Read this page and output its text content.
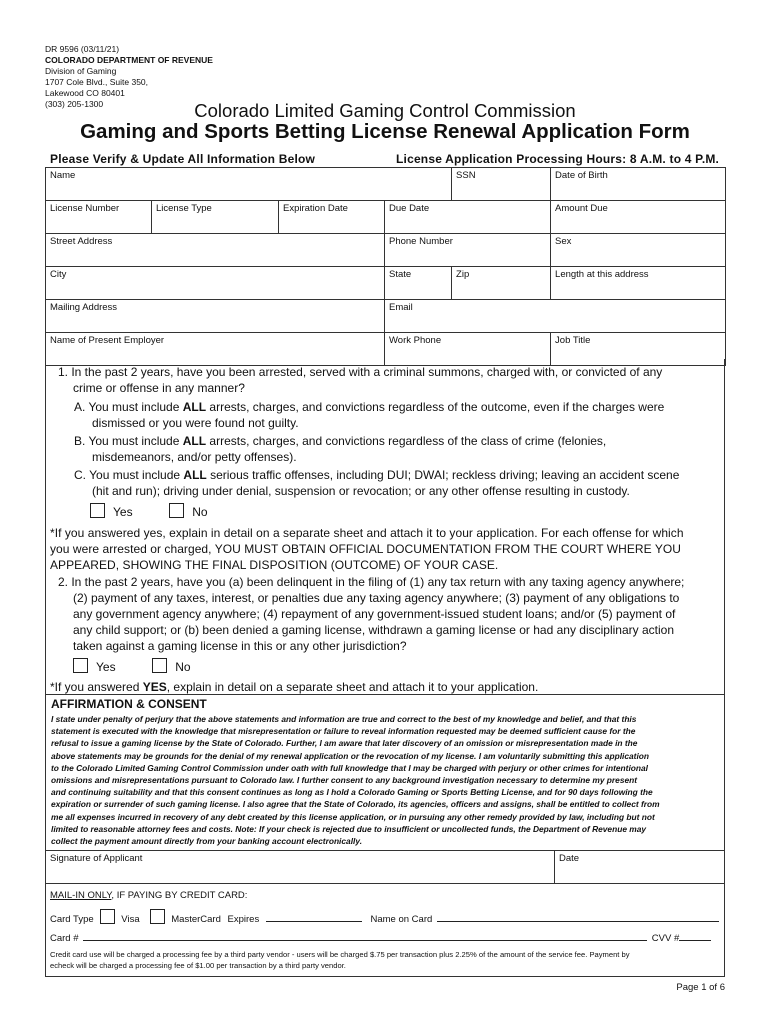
DR 9596 (03/11/21)
COLORADO DEPARTMENT OF REVENUE
Division of Gaming
1707 Cole Blvd., Suite 350,
Lakewood CO 80401
(303) 205-1300	Colorado Limited Gaming Control Commission
Gaming and Sports Betting License Renewal Application Form
Please Verify & Update All Information Below	License Application Processing Hours: 8 A.M. to 4 P.M.
Name				SSN	Date of Birth
License Number	License Type	Expiration Date	Due Date		Amount Due
Street Address			Phone Number		Sex
City			State	Zip	Length at this address
Mailing Address			Email		
Name of Present Employer			Work Phone		Job Title
1. In the past 2 years, have you been arrested, served with a criminal summons, charged with, or convicted of any
crime or offense in any manner?
A. You must include ALL arrests, charges, and convictions regardless of the outcome, even if the charges were
dismissed or you were found not guilty.
B. You must include ALL arrests, charges, and convictions regardless of the class of crime (felonies,
misdemeanors, and/or petty offenses).
C. You must include ALL serious traffic offenses, including DUI; DWAI; reckless driving; leaving an accident scene
(hit and run); driving under denial, suspension or revocation; or any other offense resulting in custody.
Yes	No
*If you answered yes, explain in detail on a separate sheet and attach it to your application. For each offense for which
you were arrested or charged, YOU MUST OBTAIN OFFICIAL DOCUMENTATION FROM THE COURT WHERE YOU
APPEARED, SHOWING THE FINAL DISPOSITION (OUTCOME) OF YOUR CASE.
2. In the past 2 years, have you (a) been delinquent in the filing of (1) any tax return with any taxing agency anywhere;
(2) payment of any taxes, interest, or penalties due any taxing agency anywhere; (3) payment of any obligations to
any government agency anywhere; (4) repayment of any government-issued student loans; and/or (5) payment of
any child support; or (b) been denied a gaming license, withdrawn a gaming license or had any disciplinary action
taken against a gaming license in this or any other jurisdiction?
Yes	No
*If you answered YES, explain in detail on a separate sheet and attach it to your application.
AFFIRMATION & CONSENT
I state under penalty of perjury that the above statements and information are true and correct to the best of my knowledge and belief, and that this
statement is executed with the knowledge that misrepresentation or failure to reveal information requested may be deemed sufficient cause for the
refusal to issue a gaming license by the State of Colorado. Further, I am aware that later discovery of an omission or misrepresentation made in the
above statements may be grounds for the denial of my renewal application or the revocation of my license. I am voluntarily submitting this application
to the Colorado Limited Gaming Control Commission under oath with full knowledge that I may be charged with perjury or other crimes for intentional
omissions and misrepresentations pursuant to Colorado law. I further consent to any background investigation necessary to determine my present
and continuing suitability and that this consent continues as long as I hold a Colorado Gaming or Sports Betting License, and for 90 days following the
expiration or surrender of such gaming license. I also agree that the State of Colorado, its agencies, officers and assigns, shall be entitled to collect from
me all expenses incurred in recovery of any debt created by this license application, or in pursuing any other remedy provided by law, including but not
limited to reasonable attorney fees and costs. Note: If your check is rejected due to insufficient or uncollected funds, the Department of Revenue may
collect the payment amount directly from your banking account electronically.
Signature of Applicant	Date
MAIL-IN ONLY, IF PAYING BY CREDIT CARD:
Card Type	Visa	MasterCard Expires	Name on Card
Card #	CVV #
Credit card use will be charged a processing fee by a third party vendor - users will be charged $.75 per transaction plus 2.25% of the amount of the service fee. Payment by
echeck will be charged a processing fee of $1.00 per transaction by a third party vendor.
Page 1 of 6
